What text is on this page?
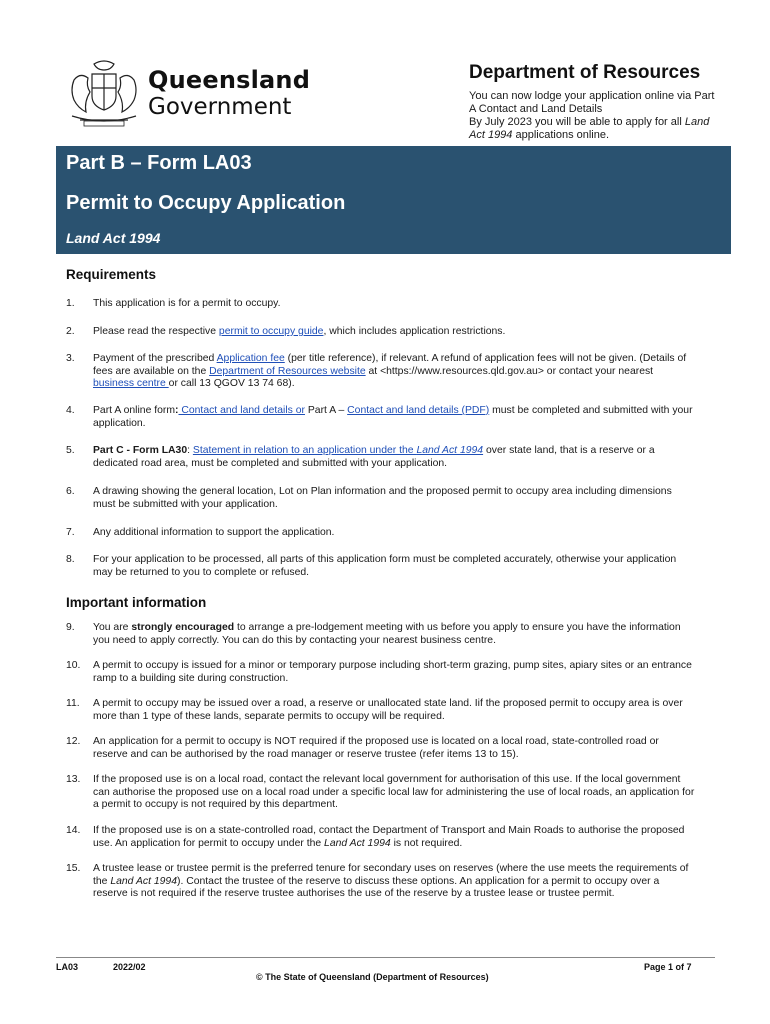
Queensland
Government
Department of Resources

You can now lodge your application online via Part
A Contact and Land Details
By July 2023 you will be able to apply for all Land
Act 1994 applications online.

Part B – Form LA03
Permit to Occupy Application
Land Act 1994
Requirements
1.	This application is for a permit to occupy.
2.	Please read the respective permit to occupy guide, which includes application restrictions.
3.	Payment of the prescribed Application fee (per title reference), if relevant. A refund of application fees will not be given. (Details of fees are available on the Department of Resources website at <https://www.resources.qld.gov.au> or contact your nearest business centre or call 13 QGOV 13 74 68).
4.	Part A online form: Contact and land details or Part A – Contact and land details (PDF) must be completed and submitted with your application.
5.	Part C - Form LA30: Statement in relation to an application under the Land Act 1994 over state land, that is a reserve or a dedicated road area, must be completed and submitted with your application.
6.	A drawing showing the general location, Lot on Plan information and the proposed permit to occupy area including dimensions must be submitted with your application.
7.	Any additional information to support the application.
8.	For your application to be processed, all parts of this application form must be completed accurately, otherwise your application may be returned to you to complete or refused.
Important information
9.	You are strongly encouraged to arrange a pre-lodgement meeting with us before you apply to ensure you have the information you need to apply correctly. You can do this by contacting your nearest business centre.
10.	A permit to occupy is issued for a minor or temporary purpose including short-term grazing, pump sites, apiary sites or an entrance ramp to a building site during construction.
11.	A permit to occupy may be issued over a road, a reserve or unallocated state land. Iif the proposed permit to occupy area is over more than 1 type of these lands, separate permits to occupy will be required.
12.	An application for a permit to occupy is NOT required if the proposed use is located on a local road, state-controlled road or reserve and can be authorised by the road manager or reserve trustee (refer items 13 to 15).
13.	If the proposed use is on a local road, contact the relevant local government for authorisation of this use. If the local government can authorise the proposed use on a local road under a specific local law for administering the use of local roads, an application for a permit to occupy is not required by this department.
14.	If the proposed use is on a state-controlled road, contact the Department of Transport and Main Roads to authorise the proposed use. An application for permit to occupy under the Land Act 1994 is not required.
15.	A trustee lease or trustee permit is the preferred tenure for secondary uses on reserves (where the use meets the requirements of the Land Act 1994). Contact the trustee of the reserve to discuss these options. An application for a permit to occupy over a reserve is not required if the reserve trustee authorises the use of the reserve by a trustee lease or trustee permit.
LA03	2022/02	Page 1 of 7
© The State of Queensland (Department of Resources)
